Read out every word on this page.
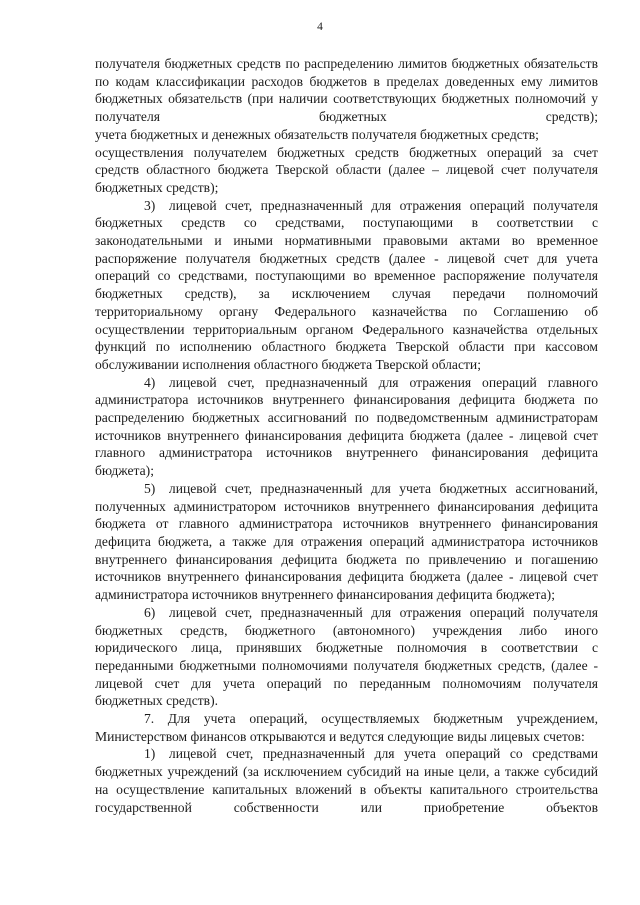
4

получателя бюджетных средств по распределению лимитов бюджетных обязательств по кодам классификации расходов бюджетов в пределах доведенных ему лимитов бюджетных обязательств (при наличии соответствующих бюджетных полномочий у получателя бюджетных средств);

учета бюджетных и денежных обязательств получателя бюджетных средств;

осуществления получателем бюджетных средств бюджетных операций за счет средств областного бюджета Тверской области (далее – лицевой счет получателя бюджетных средств);

3) лицевой счет, предназначенный для отражения операций получателя бюджетных средств со средствами, поступающими в соответствии с законодательными и иными нормативными правовыми актами во временное распоряжение получателя бюджетных средств (далее - лицевой счет для учета операций со средствами, поступающими во временное распоряжение получателя бюджетных средств), за исключением случая передачи полномочий территориальному органу Федерального казначейства по Соглашению об осуществлении территориальным органом Федерального казначейства отдельных функций по исполнению областного бюджета Тверской области при кассовом обслуживании исполнения областного бюджета Тверской области;

4) лицевой счет, предназначенный для отражения операций главного администратора источников внутреннего финансирования дефицита бюджета по распределению бюджетных ассигнований по подведомственным администраторам источников внутреннего финансирования дефицита бюджета (далее - лицевой счет главного администратора источников внутреннего финансирования дефицита бюджета);

5) лицевой счет, предназначенный для учета бюджетных ассигнований, полученных администратором источников внутреннего финансирования дефицита бюджета от главного администратора источников внутреннего финансирования дефицита бюджета, а также для отражения операций администратора источников внутреннего финансирования дефицита бюджета по привлечению и погашению источников внутреннего финансирования дефицита бюджета (далее - лицевой счет администратора источников внутреннего финансирования дефицита бюджета);

6) лицевой счет, предназначенный для отражения операций получателя бюджетных средств, бюджетного (автономного) учреждения либо иного юридического лица, принявших бюджетные полномочия в соответствии с переданными бюджетными полномочиями получателя бюджетных средств, (далее - лицевой счет для учета операций по переданным полномочиям получателя бюджетных средств).

7. Для учета операций, осуществляемых бюджетным учреждением, Министерством финансов открываются и ведутся следующие виды лицевых счетов:

1) лицевой счет, предназначенный для учета операций со средствами бюджетных учреждений (за исключением субсидий на иные цели, а также субсидий на осуществление капитальных вложений в объекты капитального строительства государственной собственности или приобретение объектов
